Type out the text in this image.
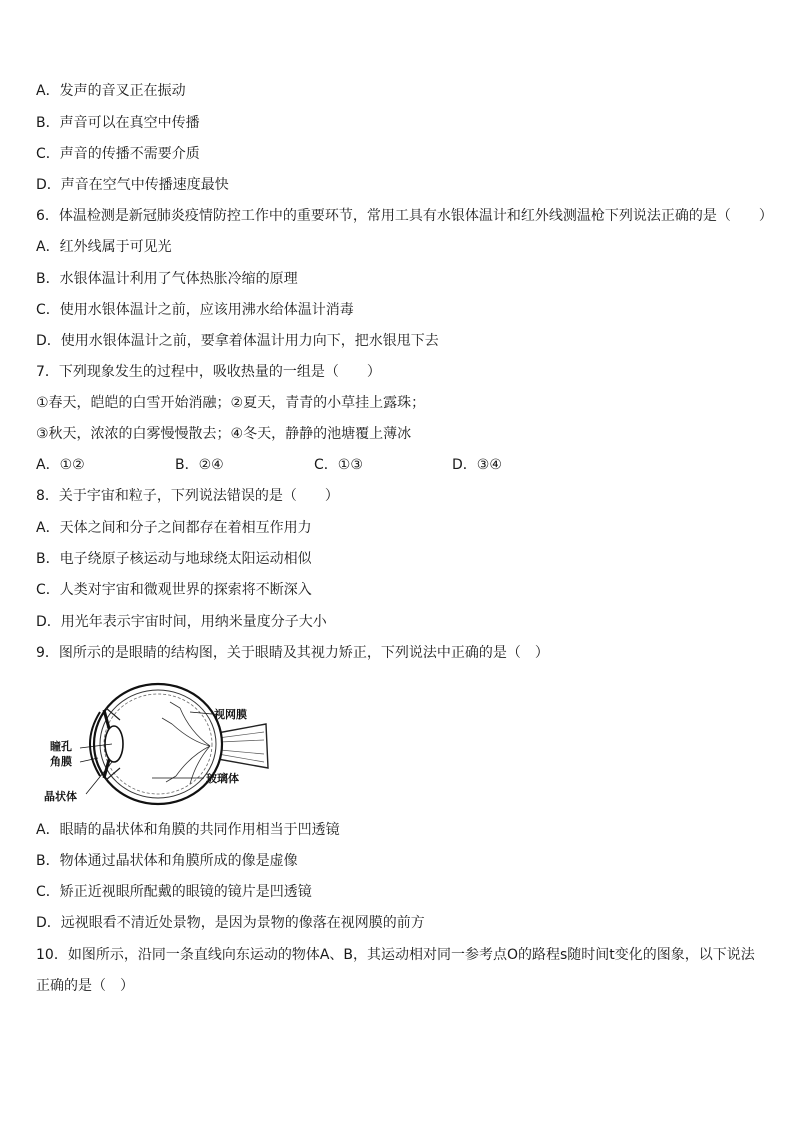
A．发声的音叉正在振动
B．声音可以在真空中传播
C．声音的传播不需要介质
D．声音在空气中传播速度最快
6．体温检测是新冠肺炎疫情防控工作中的重要环节，常用工具有水银体温计和红外线测温枪下列说法正确的是（　　）
A．红外线属于可见光
B．水银体温计利用了气体热胀冷缩的原理
C．使用水银体温计之前，应该用沸水给体温计消毒
D．使用水银体温计之前，要拿着体温计用力向下，把水银甩下去
7．下列现象发生的过程中，吸收热量的一组是（　　）
①春天，皑皑的白雪开始消融；②夏天，青青的小草挂上露珠；
③秋天，浓浓的白雾慢慢散去；④冬天，静静的池塘覆上薄冰
A．①②	B．②④	C．①③	D．③④
8．关于宇宙和粒子，下列说法错误的是（　　）
A．天体之间和分子之间都存在着相互作用力
B．电子绕原子核运动与地球绕太阳运动相似
C．人类对宇宙和微观世界的探索将不断深入
D．用光年表示宇宙时间，用纳米量度分子大小
9．图所示的是眼睛的结构图，关于眼睛及其视力矫正，下列说法中正确的是（　）
视网膜
瞳孔
角膜
晶状体
玻璃体
A．眼睛的晶状体和角膜的共同作用相当于凹透镜
B．物体通过晶状体和角膜所成的像是虚像
C．矫正近视眼所配戴的眼镜的镜片是凹透镜
D．远视眼看不清近处景物，是因为景物的像落在视网膜的前方
10．如图所示，沿同一条直线向东运动的物体A、B，其运动相对同一参考点O的路程s随时间t变化的图象，以下说法正确的是（　）
